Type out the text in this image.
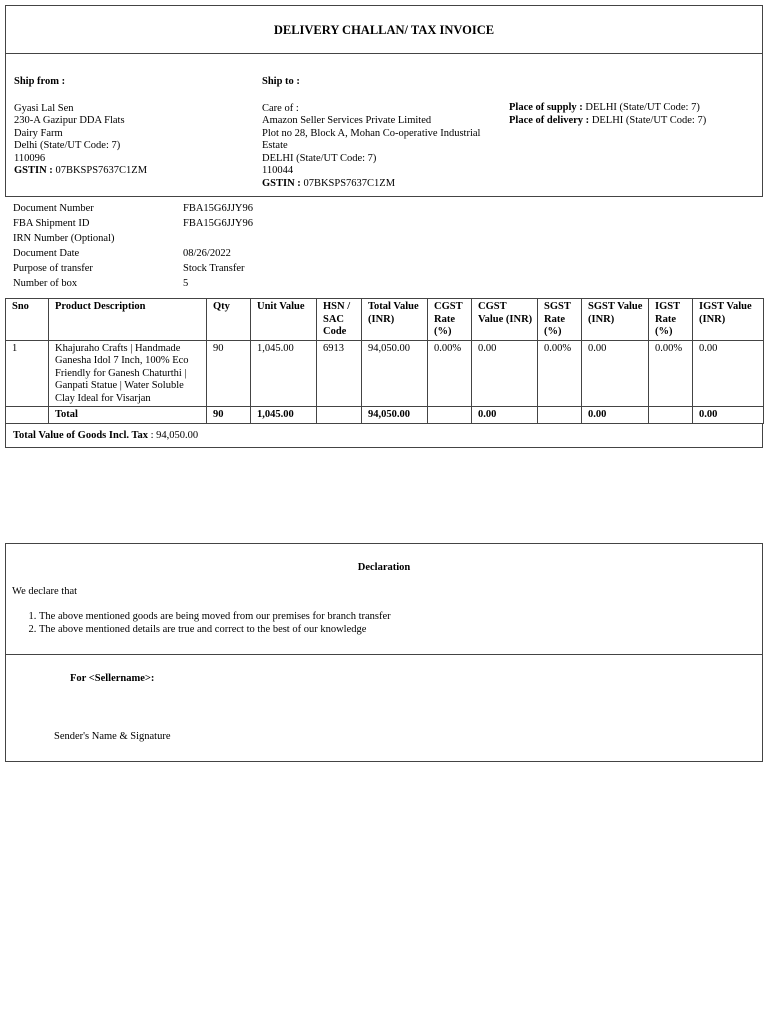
DELIVERY CHALLAN/ TAX INVOICE
Ship from :
Gyasi Lal Sen
230-A Gazipur DDA Flats
Dairy Farm
Delhi (State/UT Code: 7)
110096
GSTIN : 07BKSPS7637C1ZM
Ship to :
Care of :
Amazon Seller Services Private Limited
Plot no 28, Block A, Mohan Co-operative Industrial
Estate
DELHI (State/UT Code: 7)
110044
GSTIN : 07BKSPS7637C1ZM
Place of supply : DELHI (State/UT Code: 7)
Place of delivery : DELHI (State/UT Code: 7)
Document Number	FBA15G6JJY96
FBA Shipment ID	FBA15G6JJY96
IRN Number (Optional)
Document Date	08/26/2022
Purpose of transfer	Stock Transfer
Number of box	5
Sno	Product Description	Qty	Unit Value	HSN / SAC Code	Total Value (INR)	CGST Rate (%)	CGST Value (INR)	SGST Rate (%)	SGST Value (INR)	IGST Rate (%)	IGST Value (INR)
1	Khajuraho Crafts | Handmade Ganesha Idol 7 Inch, 100% Eco Friendly for Ganesh Chaturthi | Ganpati Statue | Water Soluble Clay Ideal for Visarjan	90	1,045.00	6913	94,050.00	0.00%	0.00	0.00%	0.00	0.00%	0.00
	Total	90	1,045.00		94,050.00		0.00		0.00		0.00
Total Value of Goods Incl. Tax : 94,050.00
Declaration
We declare that
1. The above mentioned goods are being moved from our premises for branch transfer
2. The above mentioned details are true and correct to the best of our knowledge
For <Sellername>:
Sender's Name & Signature
